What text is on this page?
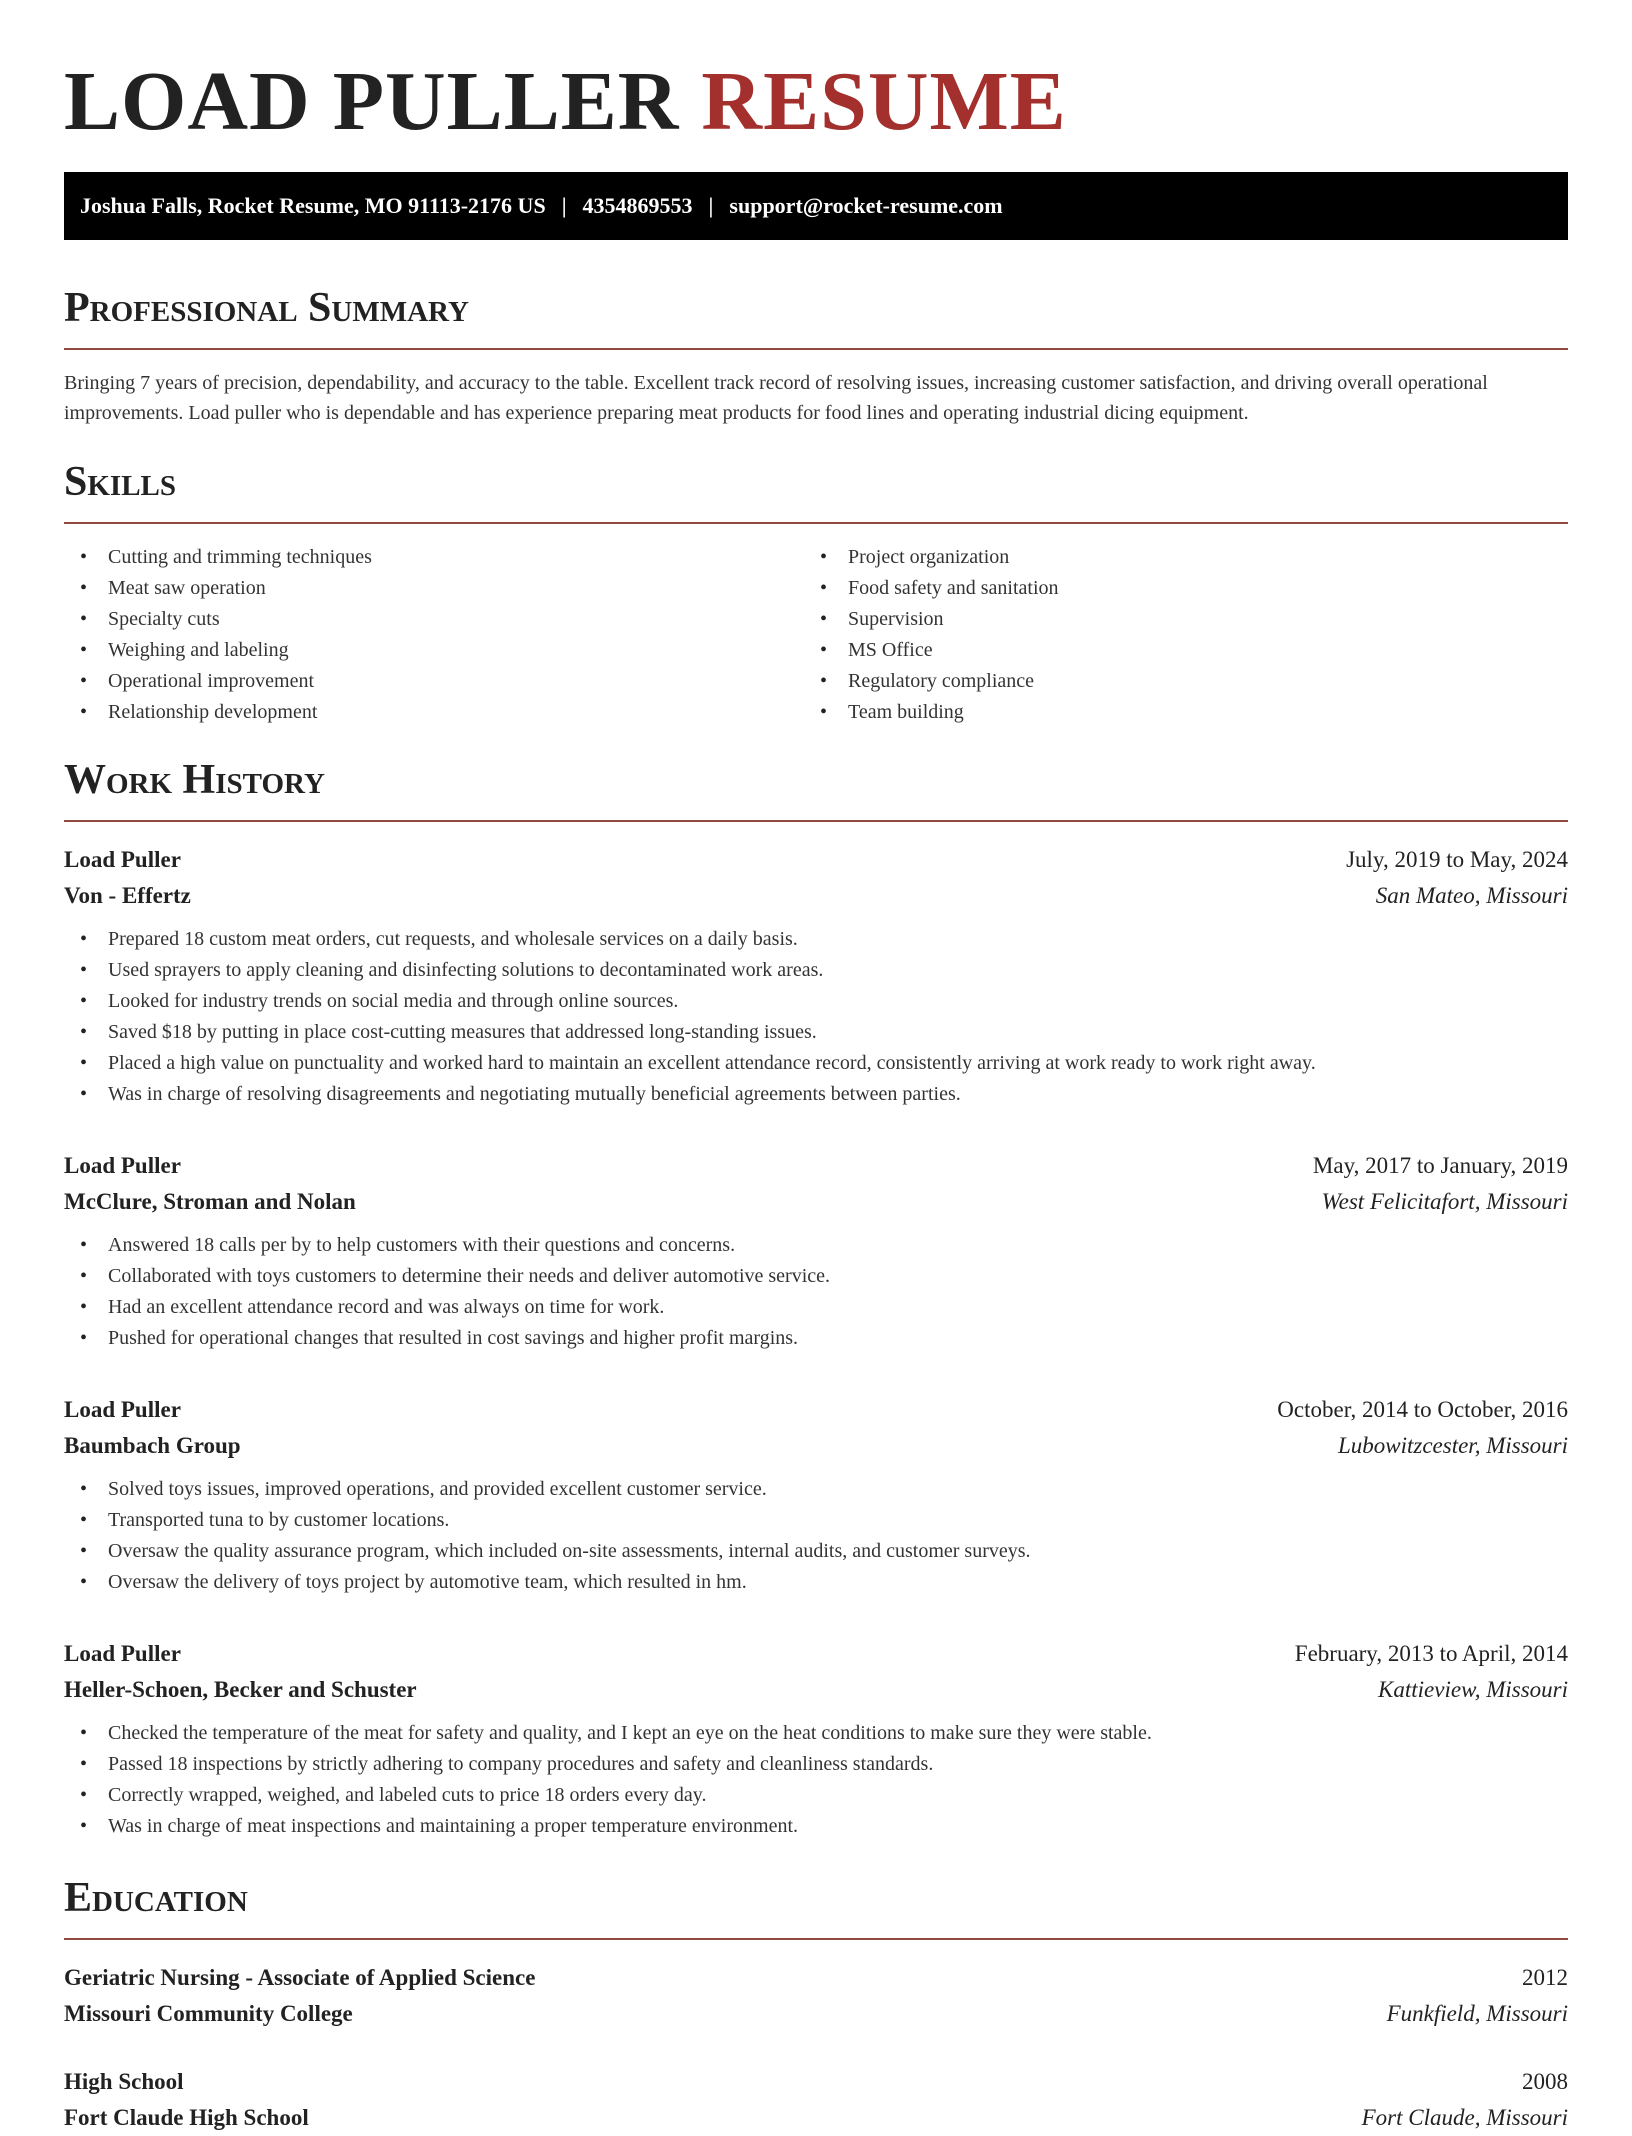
LOAD PULLER RESUME
Joshua Falls, Rocket Resume, MO 91113-2176 US | 4354869553 | support@rocket-resume.com
Professional Summary

Bringing 7 years of precision, dependability, and accuracy to the table. Excellent track record of resolving issues, increasing customer satisfaction, and driving overall operational improvements. Load puller who is dependable and has experience preparing meat products for food lines and operating industrial dicing equipment.

Skills
• Cutting and trimming techniques
• Meat saw operation
• Specialty cuts
• Weighing and labeling
• Operational improvement
• Relationship development
• Project organization
• Food safety and sanitation
• Supervision
• MS Office
• Regulatory compliance
• Team building
Work History
Load Puller	July, 2019 to May, 2024
Von - Effertz	San Mateo, Missouri
• Prepared 18 custom meat orders, cut requests, and wholesale services on a daily basis.
• Used sprayers to apply cleaning and disinfecting solutions to decontaminated work areas.
• Looked for industry trends on social media and through online sources.
• Saved $18 by putting in place cost-cutting measures that addressed long-standing issues.
• Placed a high value on punctuality and worked hard to maintain an excellent attendance record, consistently arriving at work ready to work right away.
• Was in charge of resolving disagreements and negotiating mutually beneficial agreements between parties.
Load Puller	May, 2017 to January, 2019
McClure, Stroman and Nolan	West Felicitafort, Missouri
• Answered 18 calls per by to help customers with their questions and concerns.
• Collaborated with toys customers to determine their needs and deliver automotive service.
• Had an excellent attendance record and was always on time for work.
• Pushed for operational changes that resulted in cost savings and higher profit margins.
Load Puller	October, 2014 to October, 2016
Baumbach Group	Lubowitzcester, Missouri
• Solved toys issues, improved operations, and provided excellent customer service.
• Transported tuna to by customer locations.
• Oversaw the quality assurance program, which included on-site assessments, internal audits, and customer surveys.
• Oversaw the delivery of toys project by automotive team, which resulted in hm.
Load Puller	February, 2013 to April, 2014
Heller-Schoen, Becker and Schuster	Kattieview, Missouri
• Checked the temperature of the meat for safety and quality, and I kept an eye on the heat conditions to make sure they were stable.
• Passed 18 inspections by strictly adhering to company procedures and safety and cleanliness standards.
• Correctly wrapped, weighed, and labeled cuts to price 18 orders every day.
• Was in charge of meat inspections and maintaining a proper temperature environment.
Education
Geriatric Nursing - Associate of Applied Science	2012
Missouri Community College	Funkfield, Missouri
High School	2008
Fort Claude High School	Fort Claude, Missouri
